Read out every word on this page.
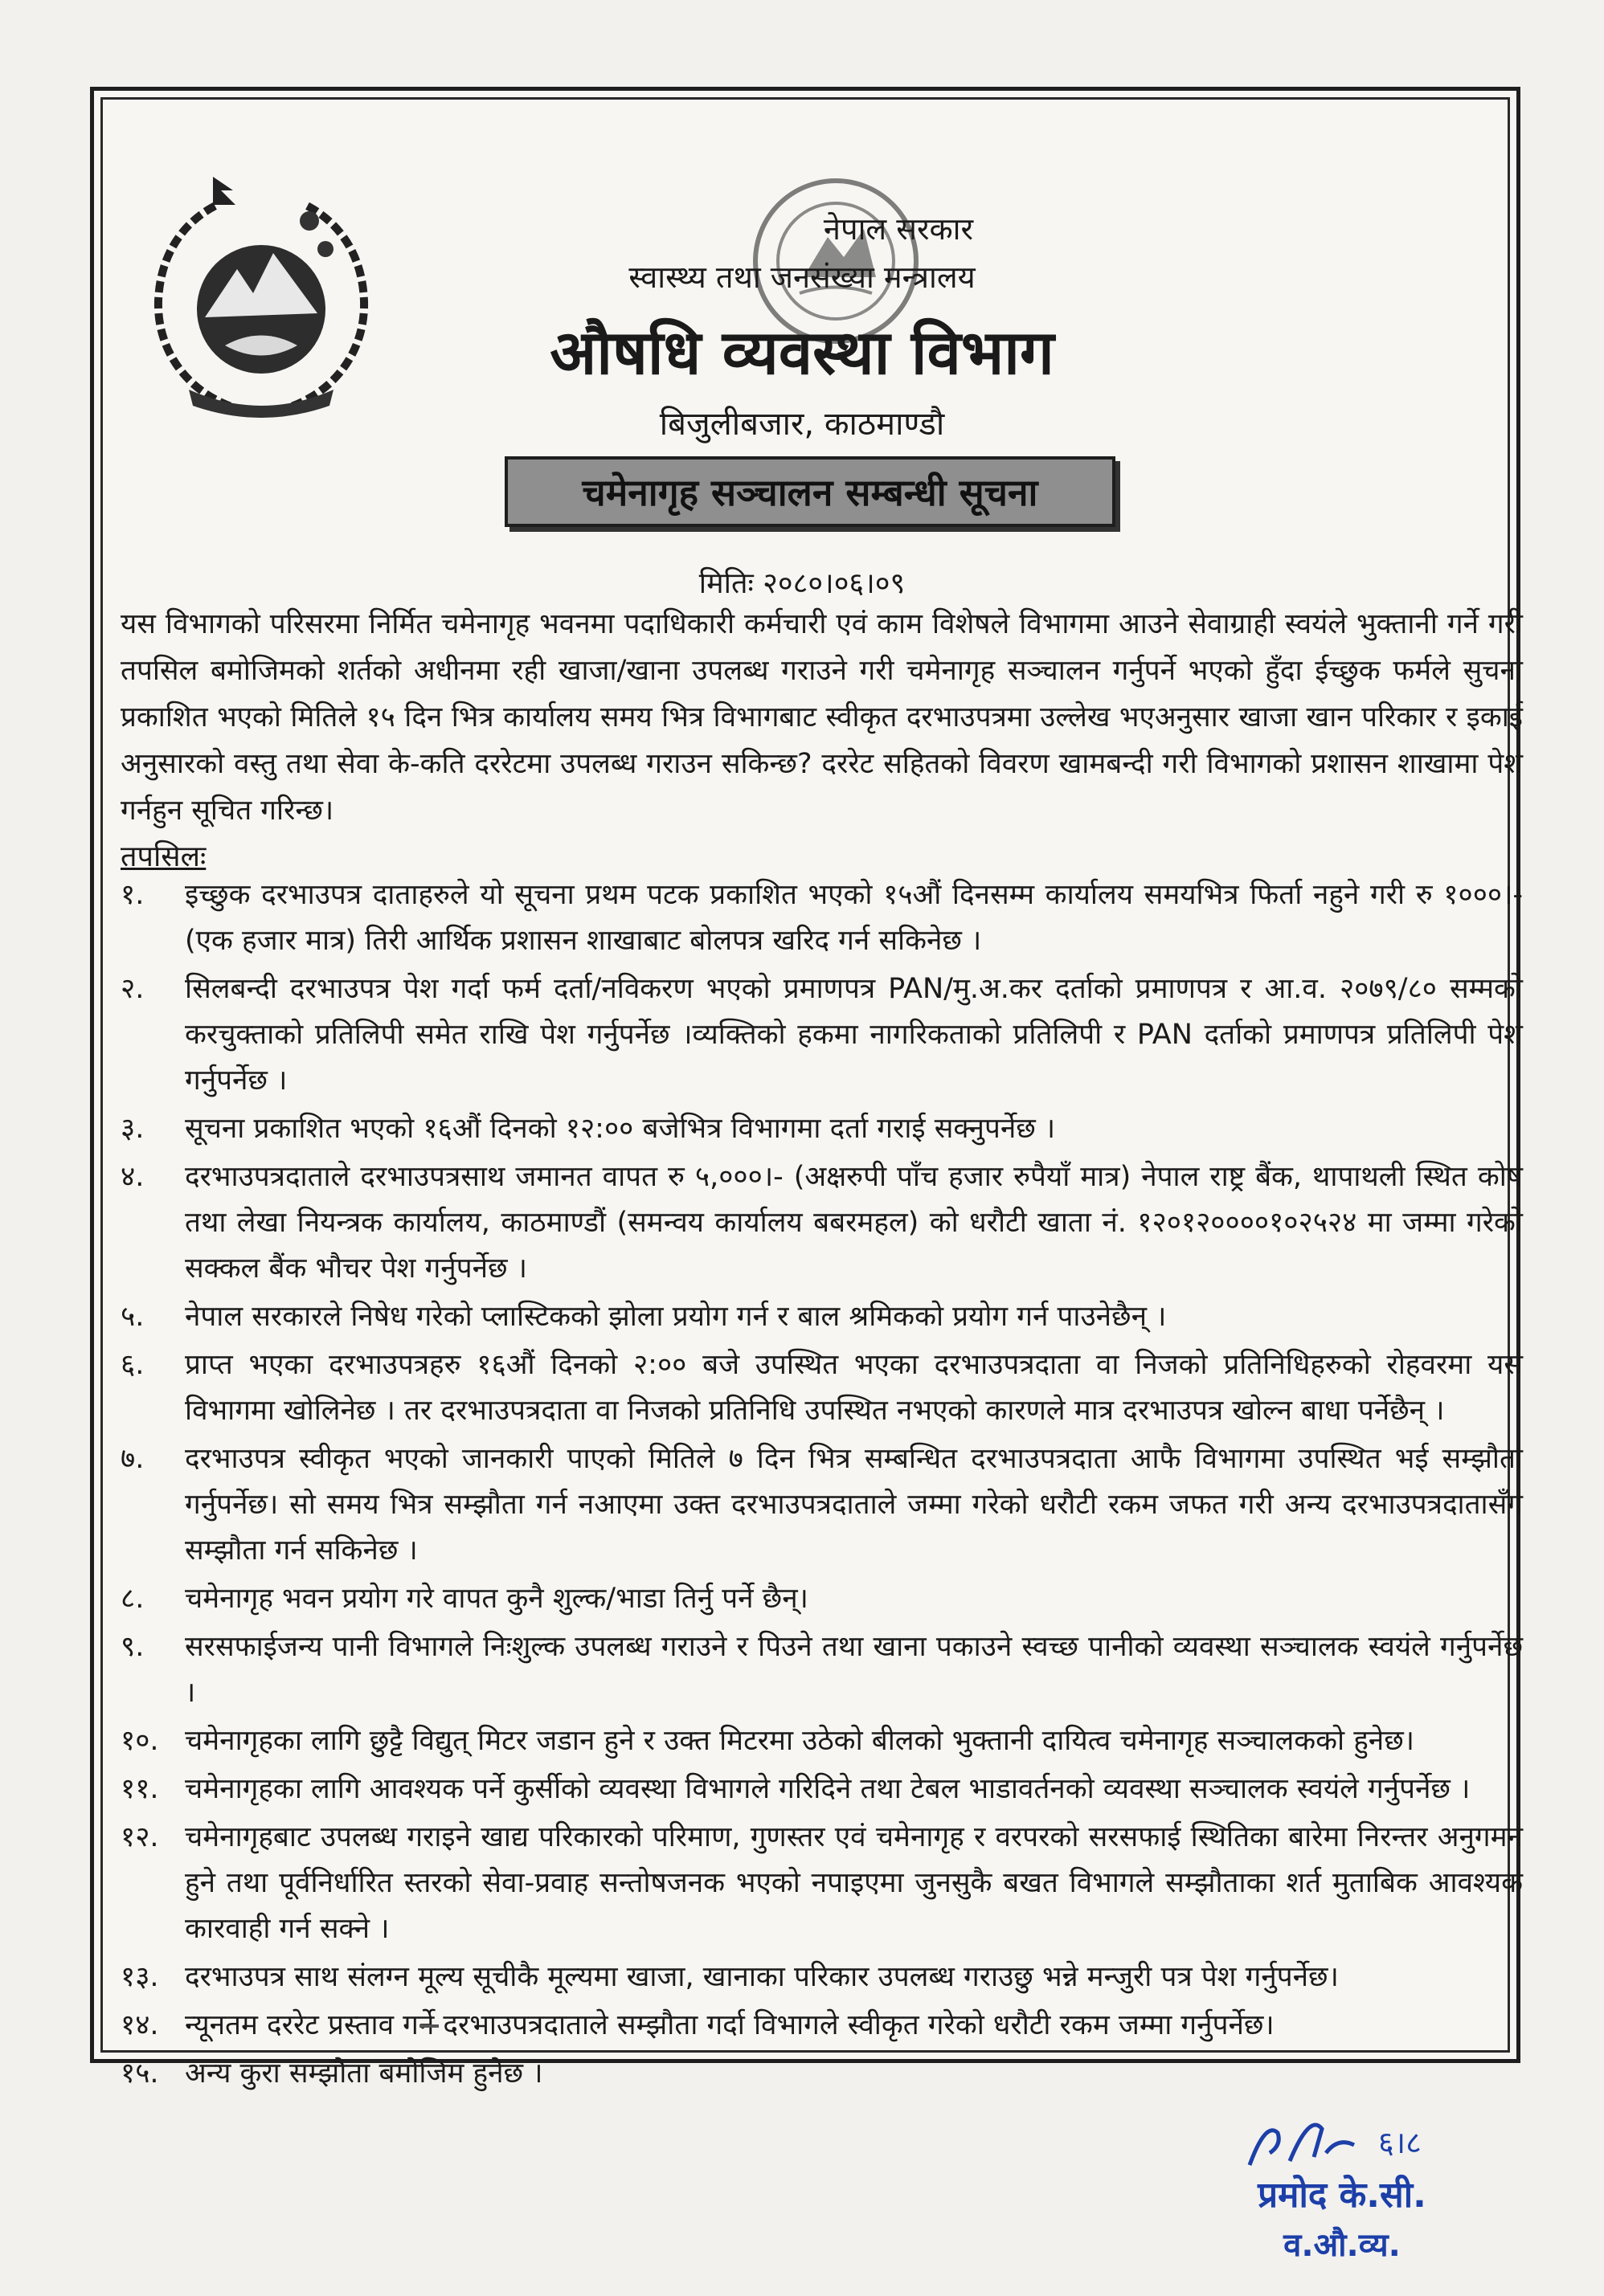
नेपाल सरकार
स्वास्थ्य तथा जनसंख्या मन्त्रालय
औषधि व्यवस्था विभाग
बिजुलीबजार, काठमाण्डौ
चमेनागृह सञ्चालन सम्बन्धी सूचना
मितिः २०८०।०६।०९
यस विभागको परिसरमा निर्मित चमेनागृह भवनमा पदाधिकारी कर्मचारी एवं काम विशेषले विभागमा आउने सेवाग्राही स्वयंले भुक्तानी गर्ने गरी तपसिल बमोजिमको शर्तको अधीनमा रही खाजा/खाना उपलब्ध गराउने गरी चमेनागृह सञ्चालन गर्नुपर्ने भएको हुँदा ईच्छुक फर्मले सुचना प्रकाशित भएको मितिले १५ दिन भित्र कार्यालय समय भित्र विभागबाट स्वीकृत दरभाउपत्रमा उल्लेख भएअनुसार खाजा खान परिकार र इकाई अनुसारको वस्तु तथा सेवा के-कति दररेटमा उपलब्ध गराउन सकिन्छ? दररेट सहितको विवरण खामबन्दी गरी विभागको प्रशासन शाखामा पेश गर्नहुन सूचित गरिन्छ।
तपसिलः
१.	इच्छुक दरभाउपत्र दाताहरुले यो सूचना प्रथम पटक प्रकाशित भएको १५औं दिनसम्म कार्यालय समयभित्र फिर्ता नहुने गरी रु १०००।-(एक हजार मात्र) तिरी आर्थिक प्रशासन शाखाबाट बोलपत्र खरिद गर्न सकिनेछ ।
२.	सिलबन्दी दरभाउपत्र पेश गर्दा फर्म दर्ता/नविकरण भएको प्रमाणपत्र PAN/मु.अ.कर दर्ताको प्रमाणपत्र र आ.व. २०७९/८० सम्मको करचुक्ताको प्रतिलिपी समेत राखि पेश गर्नुपर्नेछ ।व्यक्तिको हकमा नागरिकताको प्रतिलिपी र PAN दर्ताको प्रमाणपत्र प्रतिलिपी पेश गर्नुपर्नेछ ।
३.	सूचना प्रकाशित भएको १६औं दिनको १२:०० बजेभित्र विभागमा दर्ता गराई सक्नुपर्नेछ ।
४.	दरभाउपत्रदाताले दरभाउपत्रसाथ जमानत वापत रु ५,०००।- (अक्षरुपी पाँच हजार रुपैयाँ मात्र) नेपाल राष्ट्र बैंक, थापाथली स्थित कोष तथा लेखा नियन्त्रक कार्यालय, काठमाण्डौं (समन्वय कार्यालय बबरमहल) को धरौटी खाता नं. १२०१२००००१०२५२४ मा जम्मा गरेको सक्कल बैंक भौचर पेश गर्नुपर्नेछ ।
५.	नेपाल सरकारले निषेध गरेको प्लास्टिकको झोला प्रयोग गर्न र बाल श्रमिकको प्रयोग गर्न पाउनेछैन् ।
६.	प्राप्त भएका दरभाउपत्रहरु १६औं दिनको २:०० बजे उपस्थित भएका दरभाउपत्रदाता वा निजको प्रतिनिधिहरुको रोहवरमा यस विभागमा खोलिनेछ । तर दरभाउपत्रदाता वा निजको प्रतिनिधि उपस्थित नभएको कारणले मात्र दरभाउपत्र खोल्न बाधा पर्नेछैन् ।
७.	दरभाउपत्र स्वीकृत भएको जानकारी पाएको मितिले ७ दिन भित्र सम्बन्धित दरभाउपत्रदाता आफै विभागमा उपस्थित भई सम्झौता गर्नुपर्नेछ। सो समय भित्र सम्झौता गर्न नआएमा उक्त दरभाउपत्रदाताले जम्मा गरेको धरौटी रकम जफत गरी अन्य दरभाउपत्रदातासँग सम्झौता गर्न सकिनेछ ।
८.	चमेनागृह भवन प्रयोग गरे वापत कुनै शुल्क/भाडा तिर्नु पर्ने छैन्।
९.	सरसफाईजन्य पानी विभागले निःशुल्क उपलब्ध गराउने र पिउने तथा खाना पकाउने स्वच्छ पानीको व्यवस्था सञ्चालक स्वयंले गर्नुपर्नेछ ।
१०. चमेनागृहका लागि छुट्टै विद्युत् मिटर जडान हुने र उक्त मिटरमा उठेको बीलको भुक्तानी दायित्व चमेनागृह सञ्चालकको हुनेछ।
११. चमेनागृहका लागि आवश्यक पर्ने कुर्सीको व्यवस्था विभागले गरिदिने तथा टेबल भाडावर्तनको व्यवस्था सञ्चालक स्वयंले गर्नुपर्नेछ ।
१२. चमेनागृहबाट उपलब्ध गराइने खाद्य परिकारको परिमाण, गुणस्तर एवं चमेनागृह र वरपरको सरसफाई स्थितिका बारेमा निरन्तर अनुगमन हुने तथा पूर्वनिर्धारित स्तरको सेवा-प्रवाह सन्तोषजनक भएको नपाइएमा जुनसुकै बखत विभागले सम्झौताका शर्त मुताबिक आवश्यक कारवाही गर्न सक्ने ।
१३. दरभाउपत्र साथ संलग्न मूल्य सूचीकै मूल्यमा खाजा, खानाका परिकार उपलब्ध गराउछु भन्ने मन्जुरी पत्र पेश गर्नुपर्नेछ।
१४. न्यूनतम दररेट प्रस्ताव गर्ने दरभाउपत्रदाताले सम्झौता गर्दा विभागले स्वीकृत गरेको धरौटी रकम जम्मा गर्नुपर्नेछ।
१५. अन्य कुरा सम्झौता बमोजिम हुनेछ ।
६।८
प्रमोद के.सी.
व.औ.व्य.
